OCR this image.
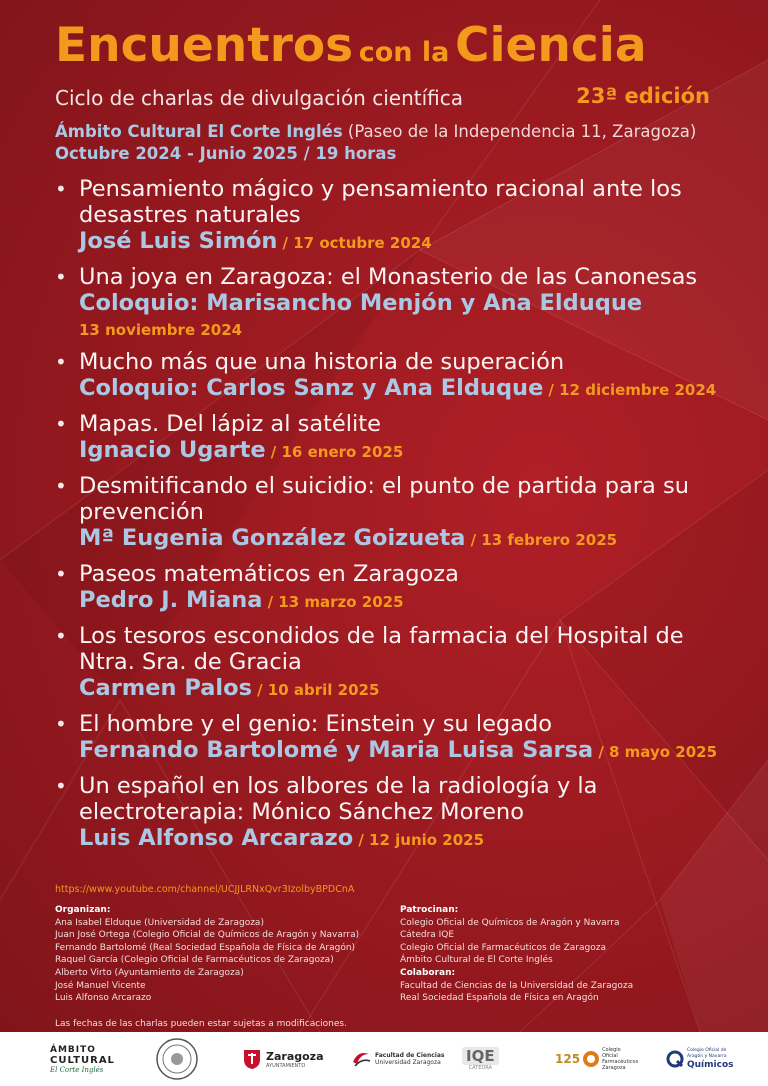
Encuentros con la Ciencia
Ciclo de charlas de divulgación científica	23ª edición
Ámbito Cultural El Corte Inglés (Paseo de la Independencia 11, Zaragoza)
Octubre 2024 - Junio 2025 / 19 horas
• Pensamiento mágico y pensamiento racional ante los desastres naturales
José Luis Simón / 17 octubre 2024
• Una joya en Zaragoza: el Monasterio de las Canonesas
Coloquio: Marisancho Menjón y Ana Elduque
13 noviembre 2024
• Mucho más que una historia de superación
Coloquio: Carlos Sanz y Ana Elduque / 12 diciembre 2024
• Mapas. Del lápiz al satélite
Ignacio Ugarte / 16 enero 2025
• Desmitificando el suicidio: el punto de partida para su prevención
Mª Eugenia González Goizueta / 13 febrero 2025
• Paseos matemáticos en Zaragoza
Pedro J. Miana / 13 marzo 2025
• Los tesoros escondidos de la farmacia del Hospital de Ntra. Sra. de Gracia
Carmen Palos / 10 abril 2025
• El hombre y el genio: Einstein y su legado
Fernando Bartolomé y Maria Luisa Sarsa / 8 mayo 2025
• Un español en los albores de la radiología y la electroterapia: Mónico Sánchez Moreno
Luis Alfonso Arcarazo / 12 junio 2025
https://www.youtube.com/channel/UCJJLRNxQvr3IzolbyBPDCnA
Organizan:
Ana Isabel Elduque (Universidad de Zaragoza)
Juan José Ortega (Colegio Oficial de Químicos de Aragón y Navarra)
Fernando Bartolomé (Real Sociedad Española de Física de Aragón)
Raquel García (Colegio Oficial de Farmacéuticos de Zaragoza)
Alberto Virto (Ayuntamiento de Zaragoza)
José Manuel Vicente
Luis Alfonso Arcarazo
Patrocinan:
Colegio Oficial de Químicos de Aragón y Navarra
Cátedra IQE
Colegio Oficial de Farmacéuticos de Zaragoza
Ámbito Cultural de El Corte Inglés
Colaboran:
Facultad de Ciencias de la Universidad de Zaragoza
Real Sociedad Española de Física en Aragón
Las fechas de las charlas pueden estar sujetas a modificaciones.
ÁMBITO
CULTURAL
El Corte Inglés
Zaragoza
AYUNTAMIENTO
Facultad de Ciencias
Universidad Zaragoza IQE
CÁTEDRA
125
Colegio
Oficial
Farmacéuticos
Zaragoza
Colegio Oficial de
Aragón y Navarra
Químicos
